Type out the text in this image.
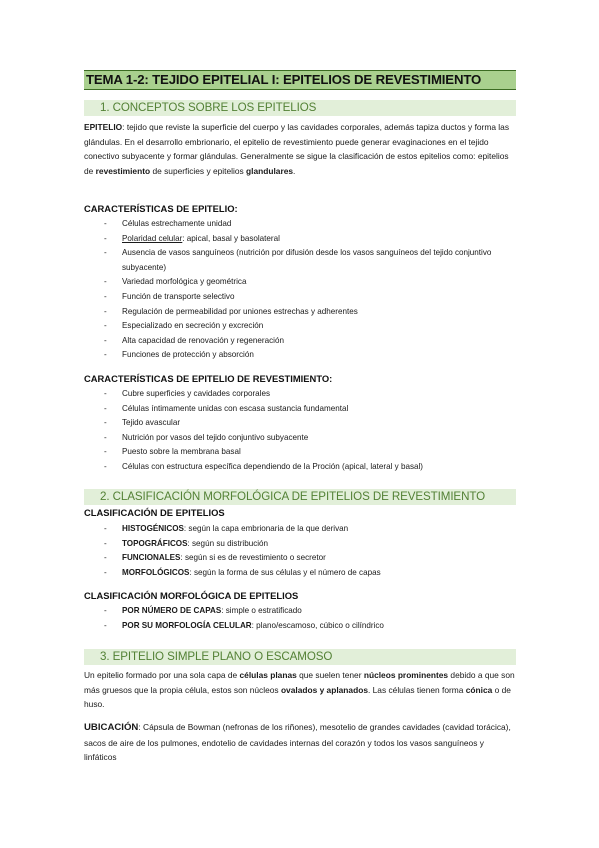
TEMA 1-2: TEJIDO EPITELIAL I: EPITELIOS DE REVESTIMIENTO
1. CONCEPTOS SOBRE LOS EPITELIOS

EPITELIO: tejido que reviste la superficie del cuerpo y las cavidades corporales, además tapiza ductos y forma las glándulas. En el desarrollo embrionario, el epitelio de revestimiento puede generar evaginaciones en el tejido conectivo subyacente y formar glándulas. Generalmente se sigue la clasificación de estos epitelios como: epitelios de revestimiento de superficies y epitelios glandulares.

CARACTERÍSTICAS DE EPITELIO:
- Células estrechamente unidad
- Polaridad celular: apical, basal y basolateral
- Ausencia de vasos sanguíneos (nutrición por difusión desde los vasos sanguíneos del tejido conjuntivo subyacente)
- Variedad morfológica y geométrica
- Función de transporte selectivo
- Regulación de permeabilidad por uniones estrechas y adherentes
- Especializado en secreción y excreción
- Alta capacidad de renovación y regeneración
- Funciones de protección y absorción
CARACTERÍSTICAS DE EPITELIO DE REVESTIMIENTO:
- Cubre superficies y cavidades corporales
- Células íntimamente unidas con escasa sustancia fundamental
- Tejido avascular
- Nutrición por vasos del tejido conjuntivo subyacente
- Puesto sobre la membrana basal
- Células con estructura específica dependiendo de la Proción (apical, lateral y basal)
2. CLASIFICACIÓN MORFOLÓGICA DE EPITELIOS DE REVESTIMIENTO
CLASIFICACIÓN DE EPITELIOS
- HISTOGÉNICOS: según la capa embrionaria de la que derivan
- TOPOGRÁFICOS: según su distribución
- FUNCIONALES: según si es de revestimiento o secretor
- MORFOLÓGICOS: según la forma de sus células y el número de capas
CLASIFICACIÓN MORFOLÓGICA DE EPITELIOS
- POR NÚMERO DE CAPAS: simple o estratificado
- POR SU MORFOLOGÍA CELULAR: plano/escamoso, cúbico o cilíndrico
3. EPITELIO SIMPLE PLANO O ESCAMOSO

Un epitelio formado por una sola capa de células planas que suelen tener núcleos prominentes debido a que son más gruesos que la propia célula, estos son núcleos ovalados y aplanados. Las células tienen forma cónica o de huso.

UBICACIÓN: Cápsula de Bowman (nefronas de los riñones), mesotelio de grandes cavidades (cavidad torácica), sacos de aire de los pulmones, endotelio de cavidades internas del corazón y todos los vasos sanguíneos y linfáticos
